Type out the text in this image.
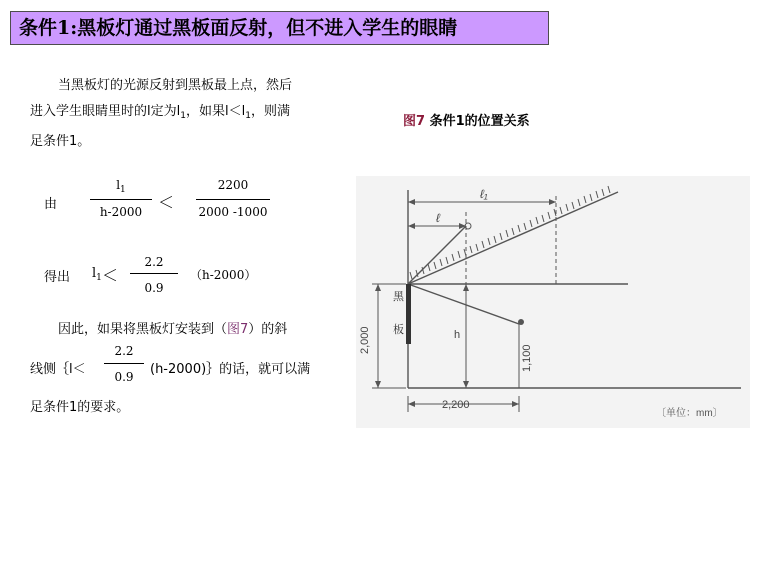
条件1:黑板灯通过黑板面反射，但不进入学生的眼睛
当黑板灯的光源反射到黑板最上点，然后
进入学生眼睛里时的l定为$l_1$，如果$l<l_1$，则满
足条件1。
由
$l_1$
h-2000 ＜
2200
2000 -1000
得出 $l_1$ ＜
2.2
0.9
（h-2000）
因此，如果将黑板灯安装到（图7）的斜
线侧｛l＜
2.2
0.9	(h-2000)｝的话，就可以满
足条件1的要求。
图7 条件1的位置关系
ℓ₁
ℓ
黑
板
2,000	h
1,100
2,200
〔单位：mm〕
